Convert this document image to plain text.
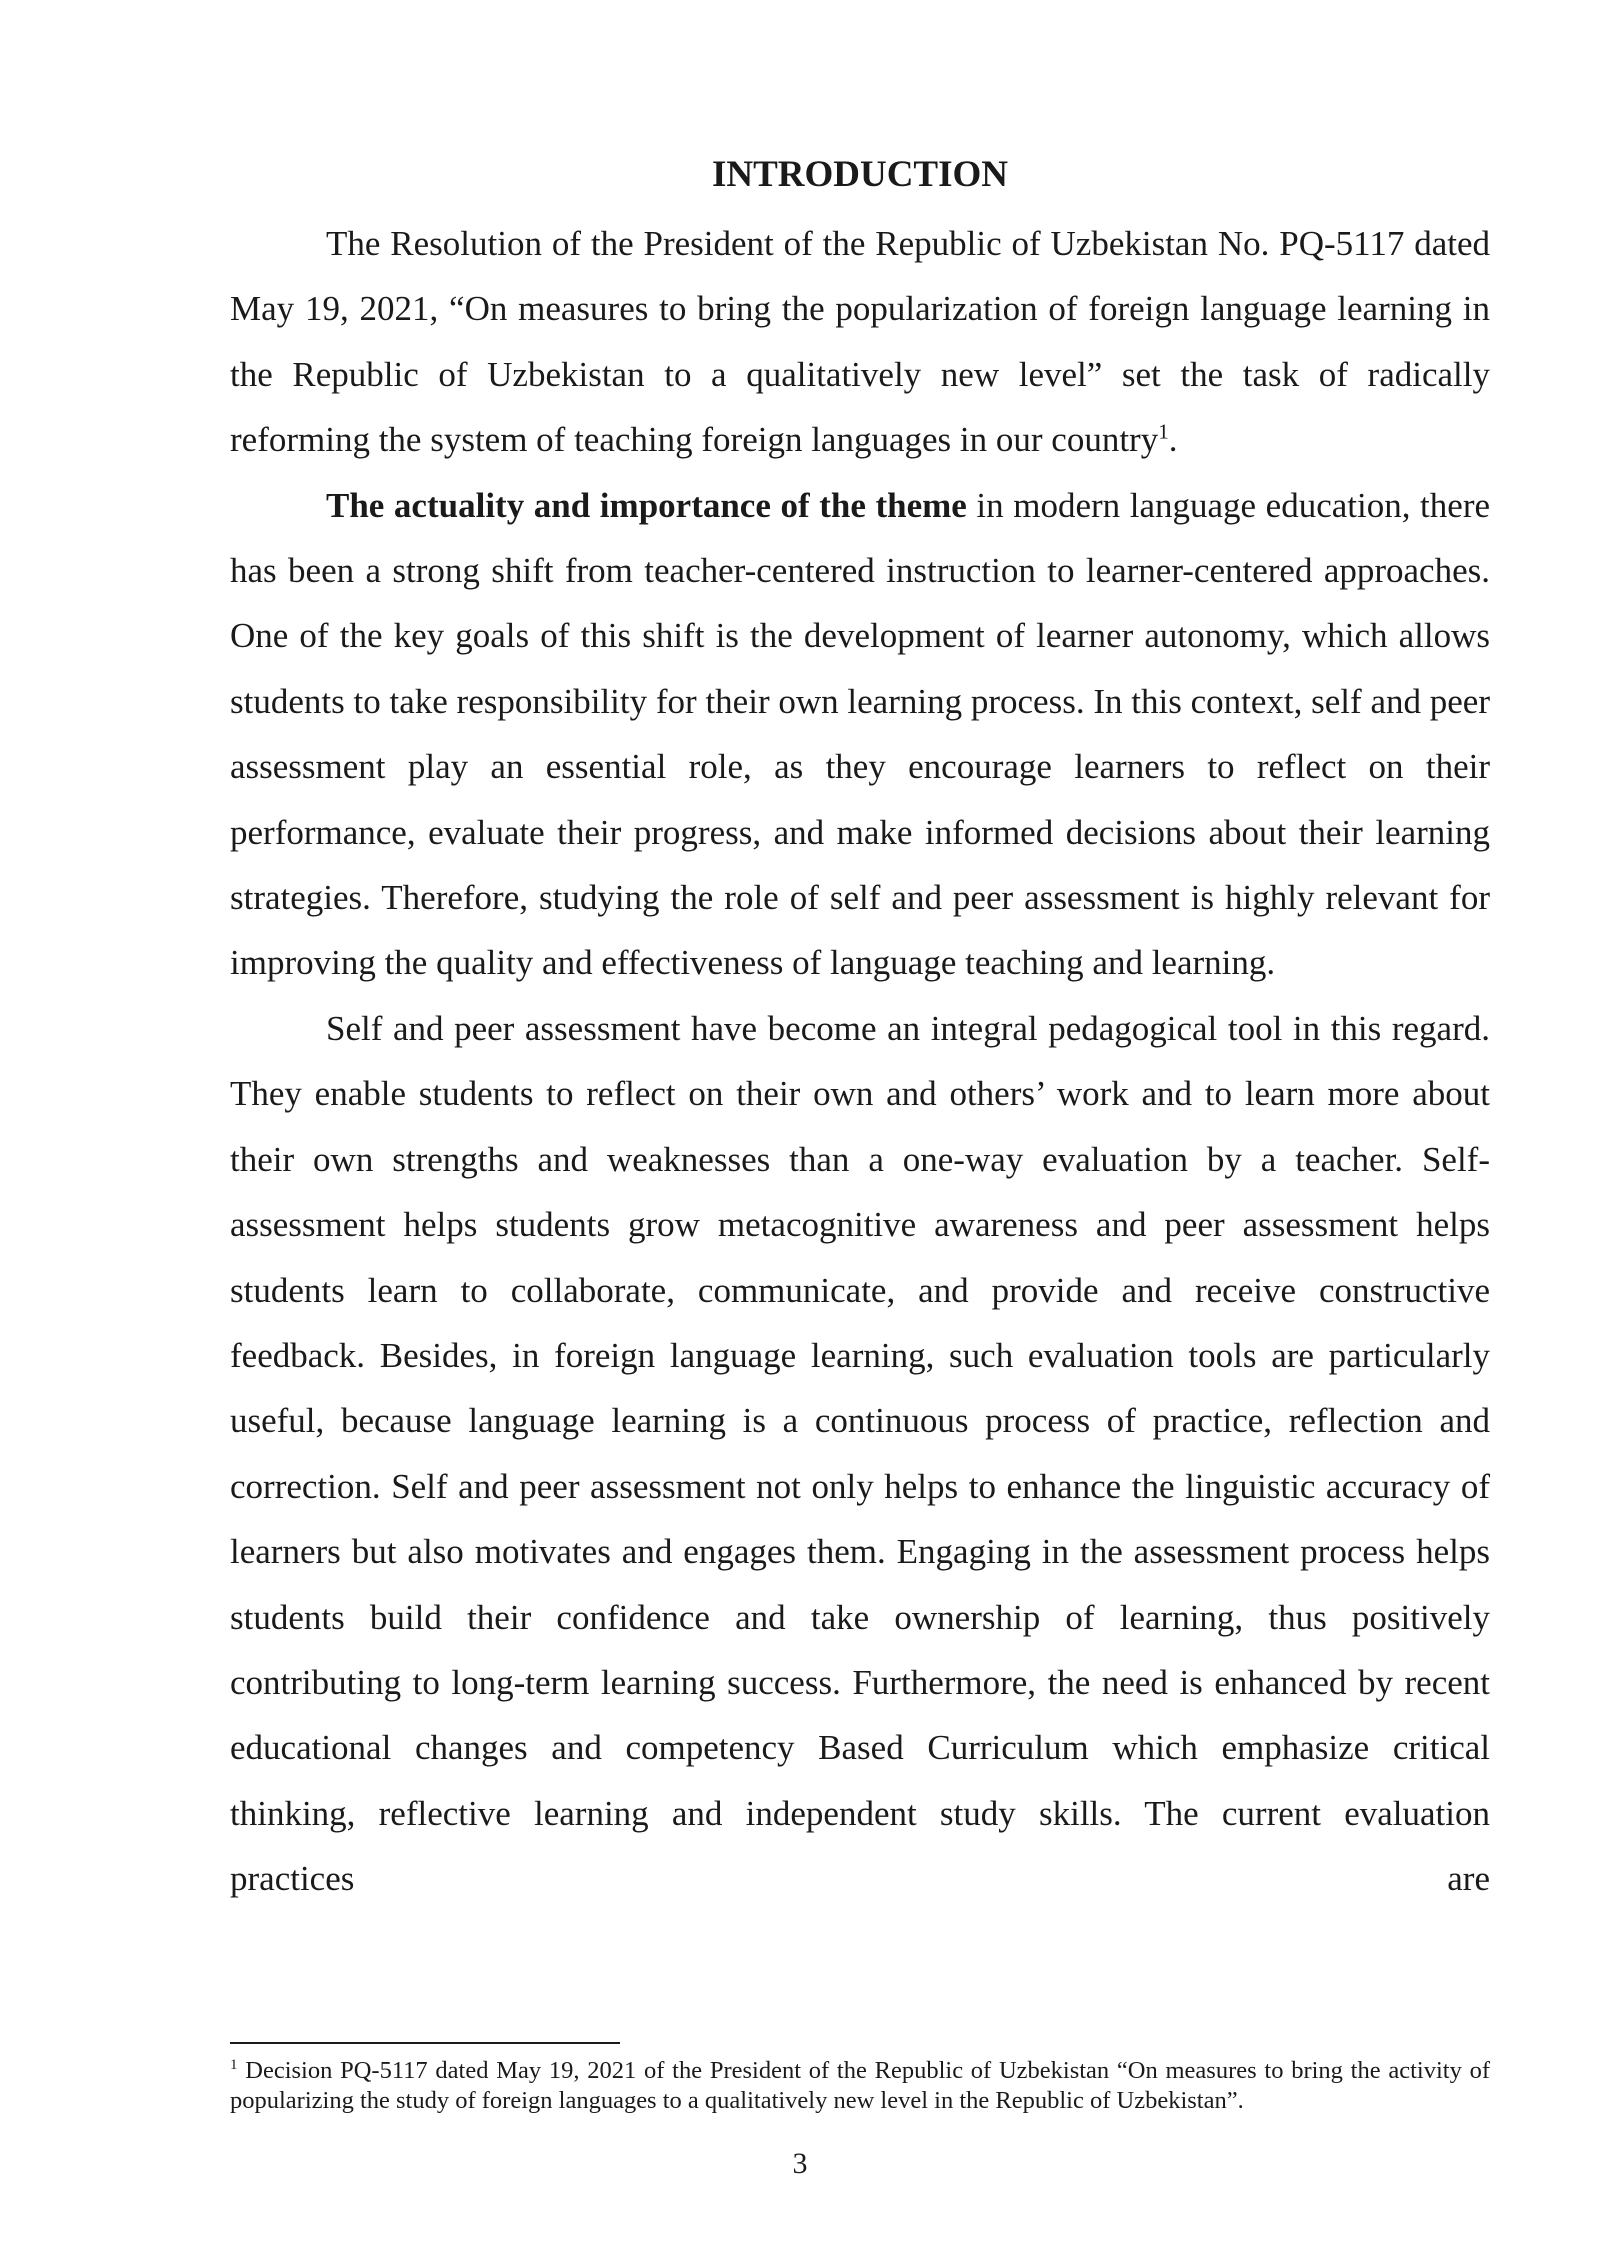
INTRODUCTION

The Resolution of the President of the Republic of Uzbekistan No. PQ-5117 dated May 19, 2021, “On measures to bring the popularization of foreign language learning in the Republic of Uzbekistan to a qualitatively new level” set the task of radically reforming the system of teaching foreign languages in our country$^1$.

The actuality and importance of the theme in modern language education, there has been a strong shift from teacher-centered instruction to learner-centered approaches. One of the key goals of this shift is the development of learner autonomy, which allows students to take responsibility for their own learning process. In this context, self and peer assessment play an essential role, as they encourage learners to reflect on their performance, evaluate their progress, and make informed decisions about their learning strategies. Therefore, studying the role of self and peer assessment is highly relevant for improving the quality and effectiveness of language teaching and learning.

Self and peer assessment have become an integral pedagogical tool in this regard. They enable students to reflect on their own and others’ work and to learn more about their own strengths and weaknesses than a one-way evaluation by a teacher. Self-assessment helps students grow metacognitive awareness and peer assessment helps students learn to collaborate, communicate, and provide and receive constructive feedback. Besides, in foreign language learning, such evaluation tools are particularly useful, because language learning is a continuous process of practice, reflection and correction. Self and peer assessment not only helps to enhance the linguistic accuracy of learners but also motivates and engages them. Engaging in the assessment process helps students build their confidence and take ownership of learning, thus positively contributing to long-term learning success. Furthermore, the need is enhanced by recent educational changes and competency Based Curriculum which emphasize critical thinking, reflective learning and independent study skills. The current evaluation practices are

$^1$ Decision PQ-5117 dated May 19, 2021 of the President of the Republic of Uzbekistan “On measures to bring the activity of popularizing the study of foreign languages to a qualitatively new level in the Republic of Uzbekistan”.

3
